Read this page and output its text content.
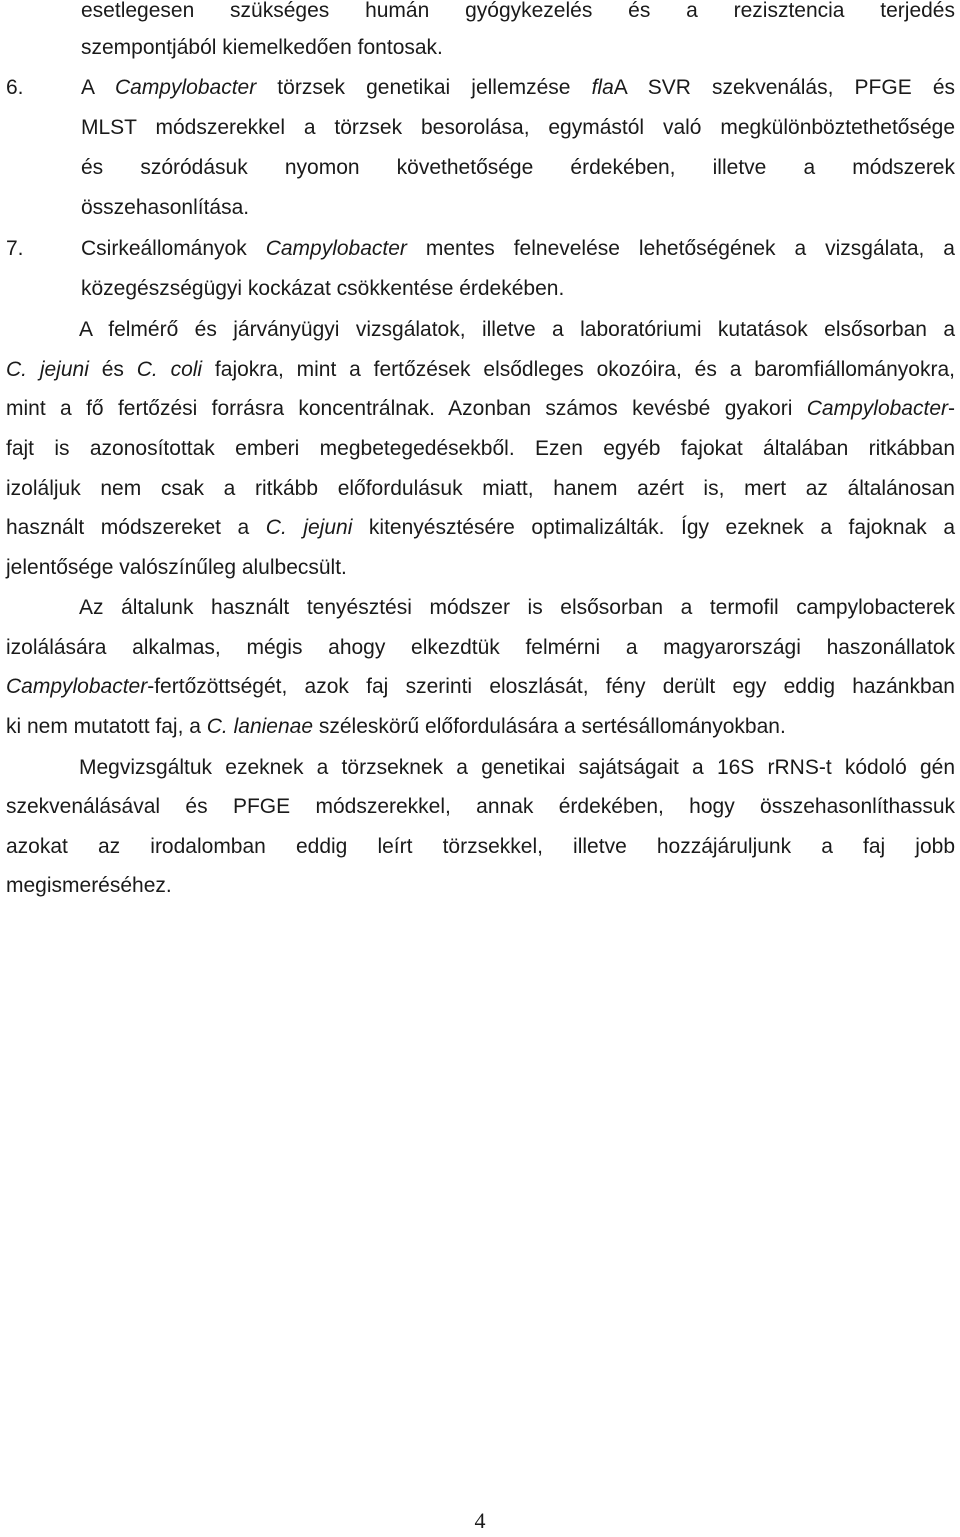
esetlegesen szükséges humán gyógykezelés és a rezisztencia terjedés
szempontjából kiemelkedően fontosak.
6.	A Campylobacter törzsek genetikai jellemzése flaA SVR szekvenálás, PFGE és
MLST módszerekkel a törzsek besorolása, egymástól való megkülönböztethetősége
és szóródásuk nyomon követhetősége érdekében, illetve a módszerek
összehasonlítása.
7.	Csirkeállományok Campylobacter mentes felnevelése lehetőségének a vizsgálata, a
közegészségügyi kockázat csökkentése érdekében.
A felmérő és járványügyi vizsgálatok, illetve a laboratóriumi kutatások elsősorban a
C. jejuni és C. coli fajokra, mint a fertőzések elsődleges okozóira, és a baromfiállományokra,
mint a fő fertőzési forrásra koncentrálnak. Azonban számos kevésbé gyakori Campylobacter-
fajt is azonosítottak emberi megbetegedésekből. Ezen egyéb fajokat általában ritkábban
izoláljuk nem csak a ritkább előfordulásuk miatt, hanem azért is, mert az általánosan
használt módszereket a C. jejuni kitenyésztésére optimalizálták. Így ezeknek a fajoknak a
jelentősége valószínűleg alulbecsült.
Az általunk használt tenyésztési módszer is elsősorban a termofil campylobacterek
izolálására alkalmas, mégis ahogy elkezdtük felmérni a magyarországi haszonállatok
Campylobacter-fertőzöttségét, azok faj szerinti eloszlását, fény derült egy eddig hazánkban
ki nem mutatott faj, a C. lanienae széleskörű előfordulására a sertésállományokban.
Megvizsgáltuk ezeknek a törzseknek a genetikai sajátságait a 16S rRNS-t kódoló gén
szekvenálásával és PFGE módszerekkel, annak érdekében, hogy összehasonlíthassuk
azokat az irodalomban eddig leírt törzsekkel, illetve hozzájáruljunk a faj jobb
megismeréséhez.
4
